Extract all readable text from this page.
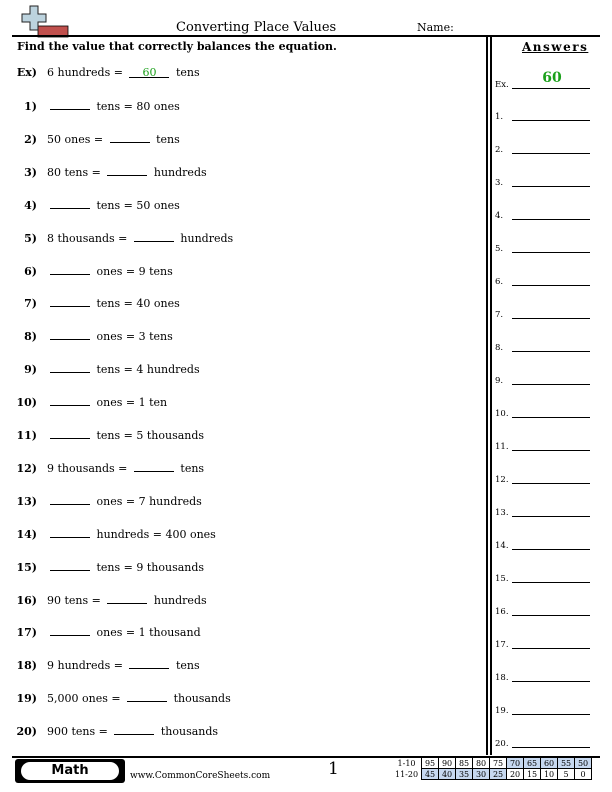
Converting Place Values	Name:
Find the value that correctly balances the equation.
Ex) 6 hundreds = 60 tens
1)	tens = 80 ones
2) 50 ones =	tens
3) 80 tens =	hundreds
4)	tens = 50 ones
5) 8 thousands =	hundreds
6)	ones = 9 tens
7)	tens = 40 ones
8)	ones = 3 tens
9)	tens = 4 hundreds
10)	ones = 1 ten
11)	tens = 5 thousands
12) 9 thousands =	tens
13)	ones = 7 hundreds
14)	hundreds = 400 ones
15)	tens = 9 thousands
16) 90 tens =	hundreds
17)	ones = 1 thousand
18) 9 hundreds =	tens
19) 5,000 ones =	thousands
20) 900 tens =	thousands
Answers
Ex.	60
1.
2.
3.
4.
5.
6.
7.
8.
9.
10.
11.
12.
13.
14.
15.
16.
17.
18.
19.
20.
Math	www.CommonCoreSheets.com	1	1-10	95	90	85	80	75	70	65	60	55	50
11-20	45	40	35	30	25	20	15	10	5	0
